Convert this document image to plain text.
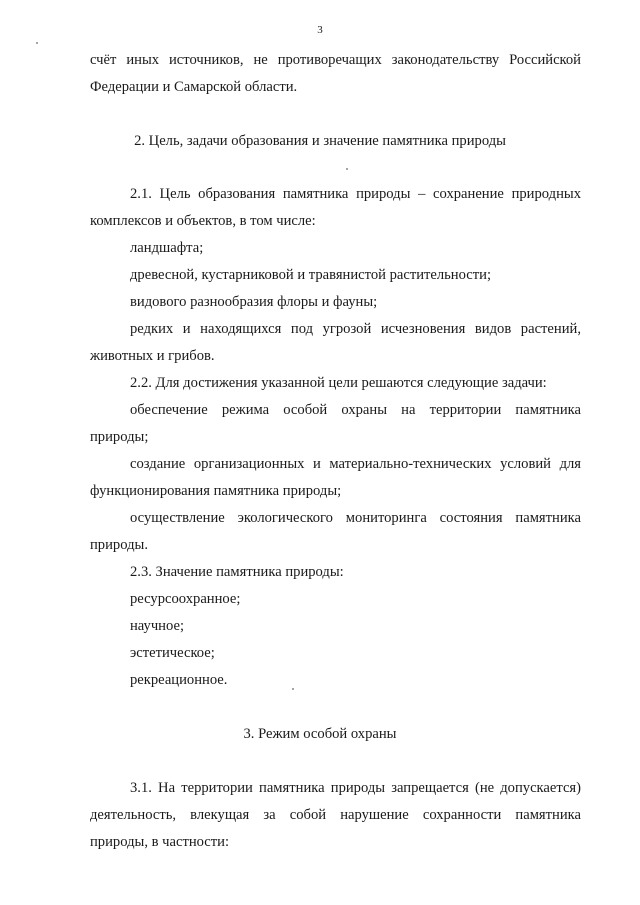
3
счёт иных источников, не противоречащих законодательству Российской
Федерации и Самарской области.
2. Цель, задачи образования и значение памятника природы
2.1. Цель образования памятника природы – сохранение природных
комплексов и объектов, в том числе:
ландшафта;
древесной, кустарниковой и травянистой растительности;
видового разнообразия флоры и фауны;
редких и находящихся под угрозой исчезновения видов растений,
животных и грибов.
2.2. Для достижения указанной цели решаются следующие задачи:
обеспечение режима особой охраны на территории памятника
природы;
создание организационных и материально-технических условий для
функционирования памятника природы;
осуществление экологического мониторинга состояния памятника
природы.
2.3. Значение памятника природы:
ресурсоохранное;
научное;
эстетическое;
рекреационное.
3. Режим особой охраны
3.1. На территории памятника природы запрещается (не допускается)
деятельность, влекущая за собой нарушение сохранности памятника
природы, в частности:
